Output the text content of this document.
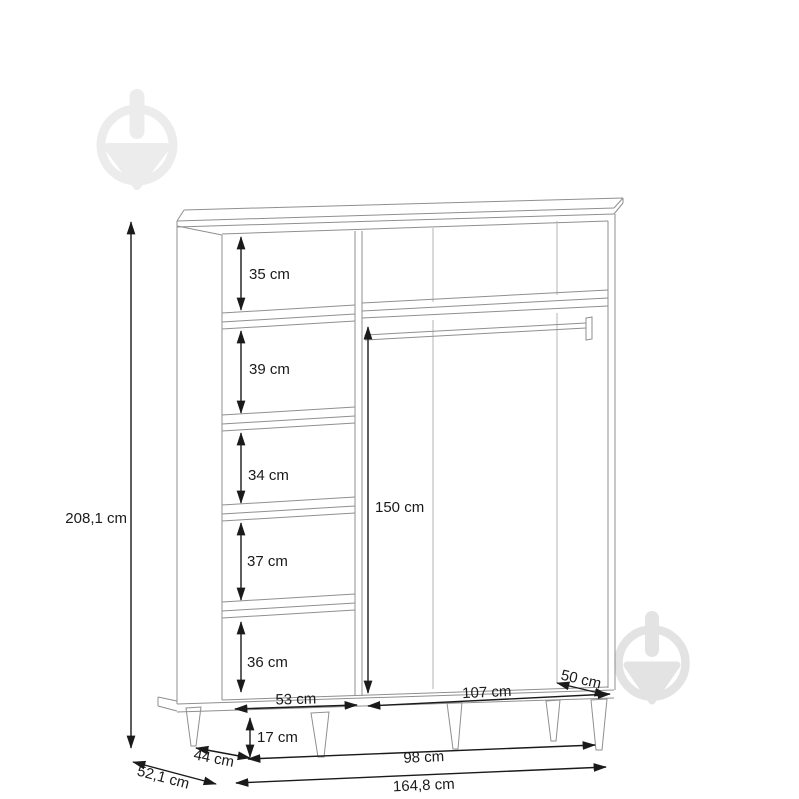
208,1 cm
35 cm
39 cm
34 cm
37 cm
36 cm
150 cm
17 cm
53 cm	107 cm
50 cm
44 cm	98 cm
164,8 cm
52,1 cm
